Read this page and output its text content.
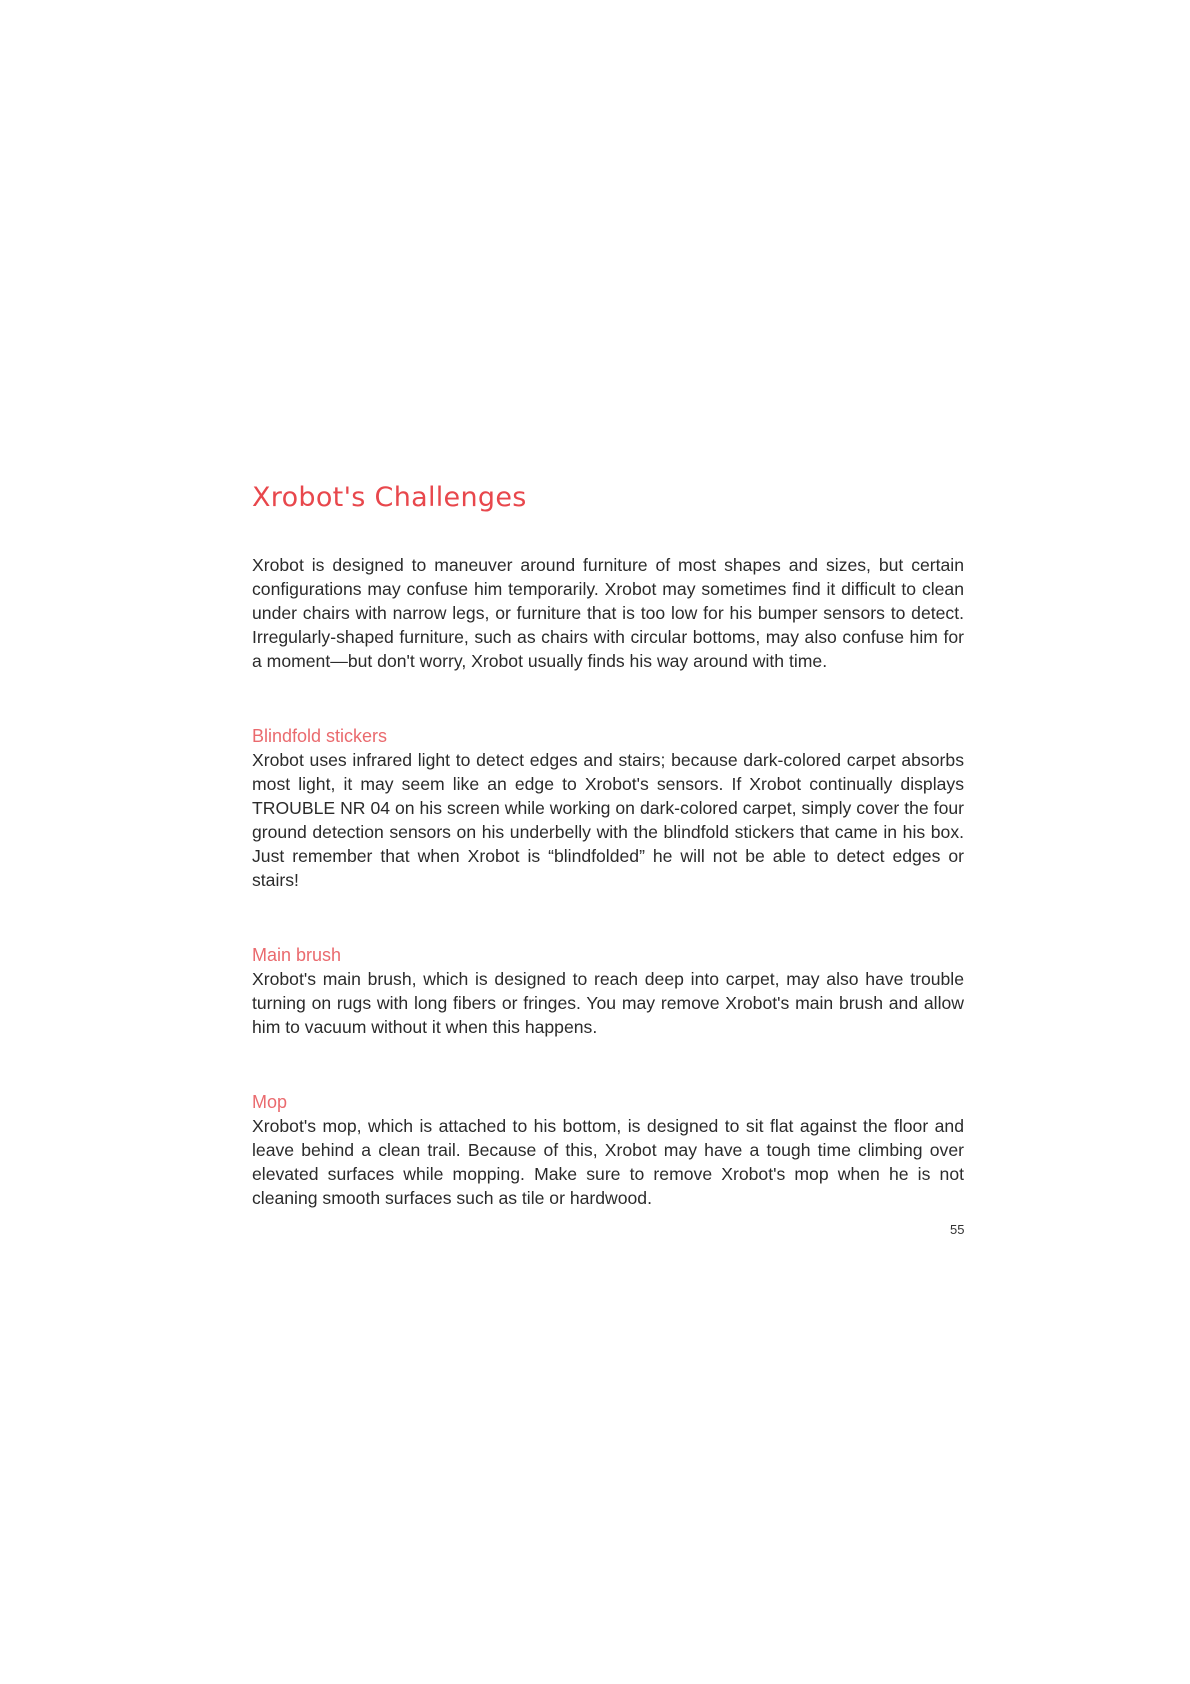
Xrobot's Challenges

Xrobot is designed to maneuver around furniture of most shapes and sizes, but certain configurations may confuse him temporarily. Xrobot may sometimes find it difficult to clean under chairs with narrow legs, or furniture that is too low for his bumper sensors to detect. Irregularly-shaped furniture, such as chairs with circular bottoms, may also confuse him for a moment—but don't worry, Xrobot usually finds his way around with time.

Blindfold stickers

Xrobot uses infrared light to detect edges and stairs; because dark-colored carpet absorbs most light, it may seem like an edge to Xrobot's sensors. If Xrobot continually displays TROUBLE NR 04 on his screen while working on dark-colored carpet, simply cover the four ground detection sensors on his underbelly with the blindfold stickers that came in his box. Just remember that when Xrobot is “blindfolded” he will not be able to detect edges or stairs!

Main brush

Xrobot's main brush, which is designed to reach deep into carpet, may also have trouble turning on rugs with long fibers or fringes. You may remove Xrobot's main brush and allow him to vacuum without it when this happens.

Mop

Xrobot's mop, which is attached to his bottom, is designed to sit flat against the floor and leave behind a clean trail. Because of this, Xrobot may have a tough time climbing over elevated surfaces while mopping. Make sure to remove Xrobot's mop when he is not cleaning smooth surfaces such as tile or hardwood.

55
